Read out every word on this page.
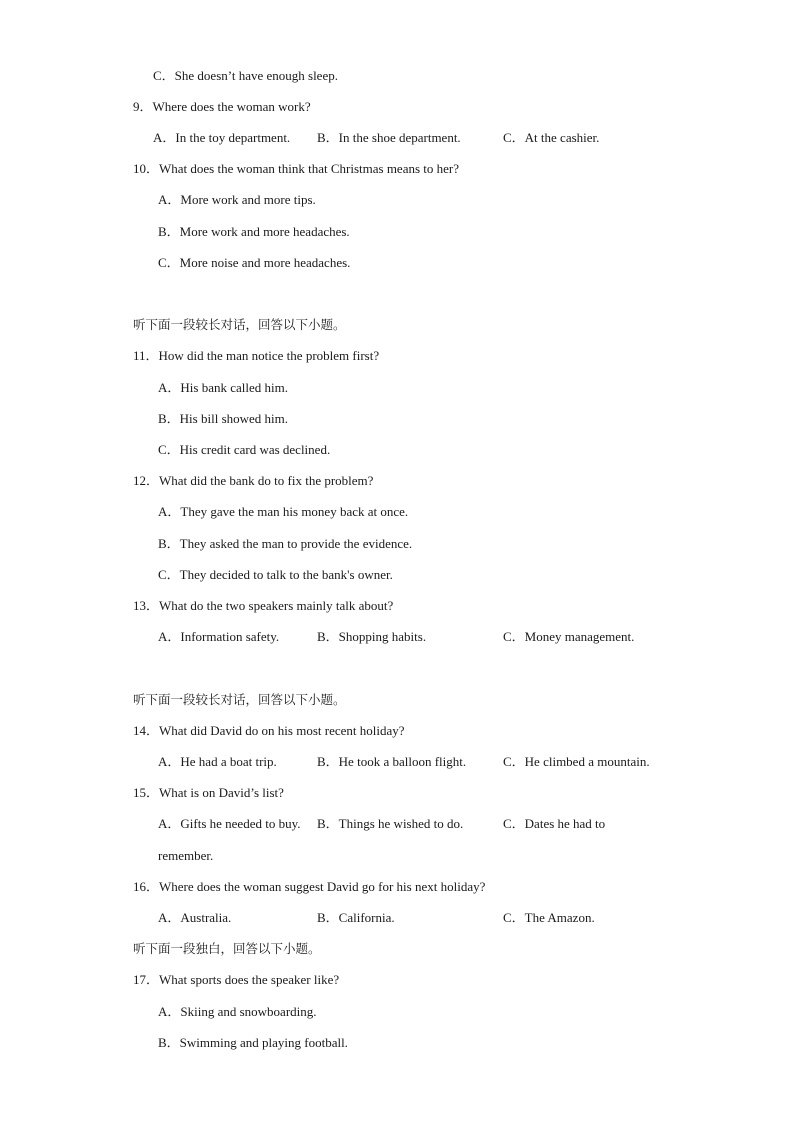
C．She doesn’t have enough sleep.
9．Where does the woman work?
A．In the toy department. B．In the shoe department.	C．At the cashier.
10．What does the woman think that Christmas means to her?
A．More work and more tips.
B．More work and more headaches.
C．More noise and more headaches.
听下面一段较长对话，回答以下小题。
11．How did the man notice the problem first?
A．His bank called him.
B．His bill showed him.
C．His credit card was declined.
12．What did the bank do to fix the problem?
A．They gave the man his money back at once.
B．They asked the man to provide the evidence.
C．They decided to talk to the bank's owner.
13．What do the two speakers mainly talk about?
A．Information safety.	B．Shopping habits.	C．Money management.
听下面一段较长对话，回答以下小题。
14．What did David do on his most recent holiday?
A．He had a boat trip.	B．He took a balloon flight.	C．He climbed a mountain.
15．What is on David’s list?
A．Gifts he needed to buy. B．Things he wished to do.	C．Dates he had to
remember.
16．Where does the woman suggest David go for his next holiday?
A．Australia.	B．California.	C．The Amazon.
听下面一段独白，回答以下小题。
17．What sports does the speaker like?
A．Skiing and snowboarding.
B．Swimming and playing football.
